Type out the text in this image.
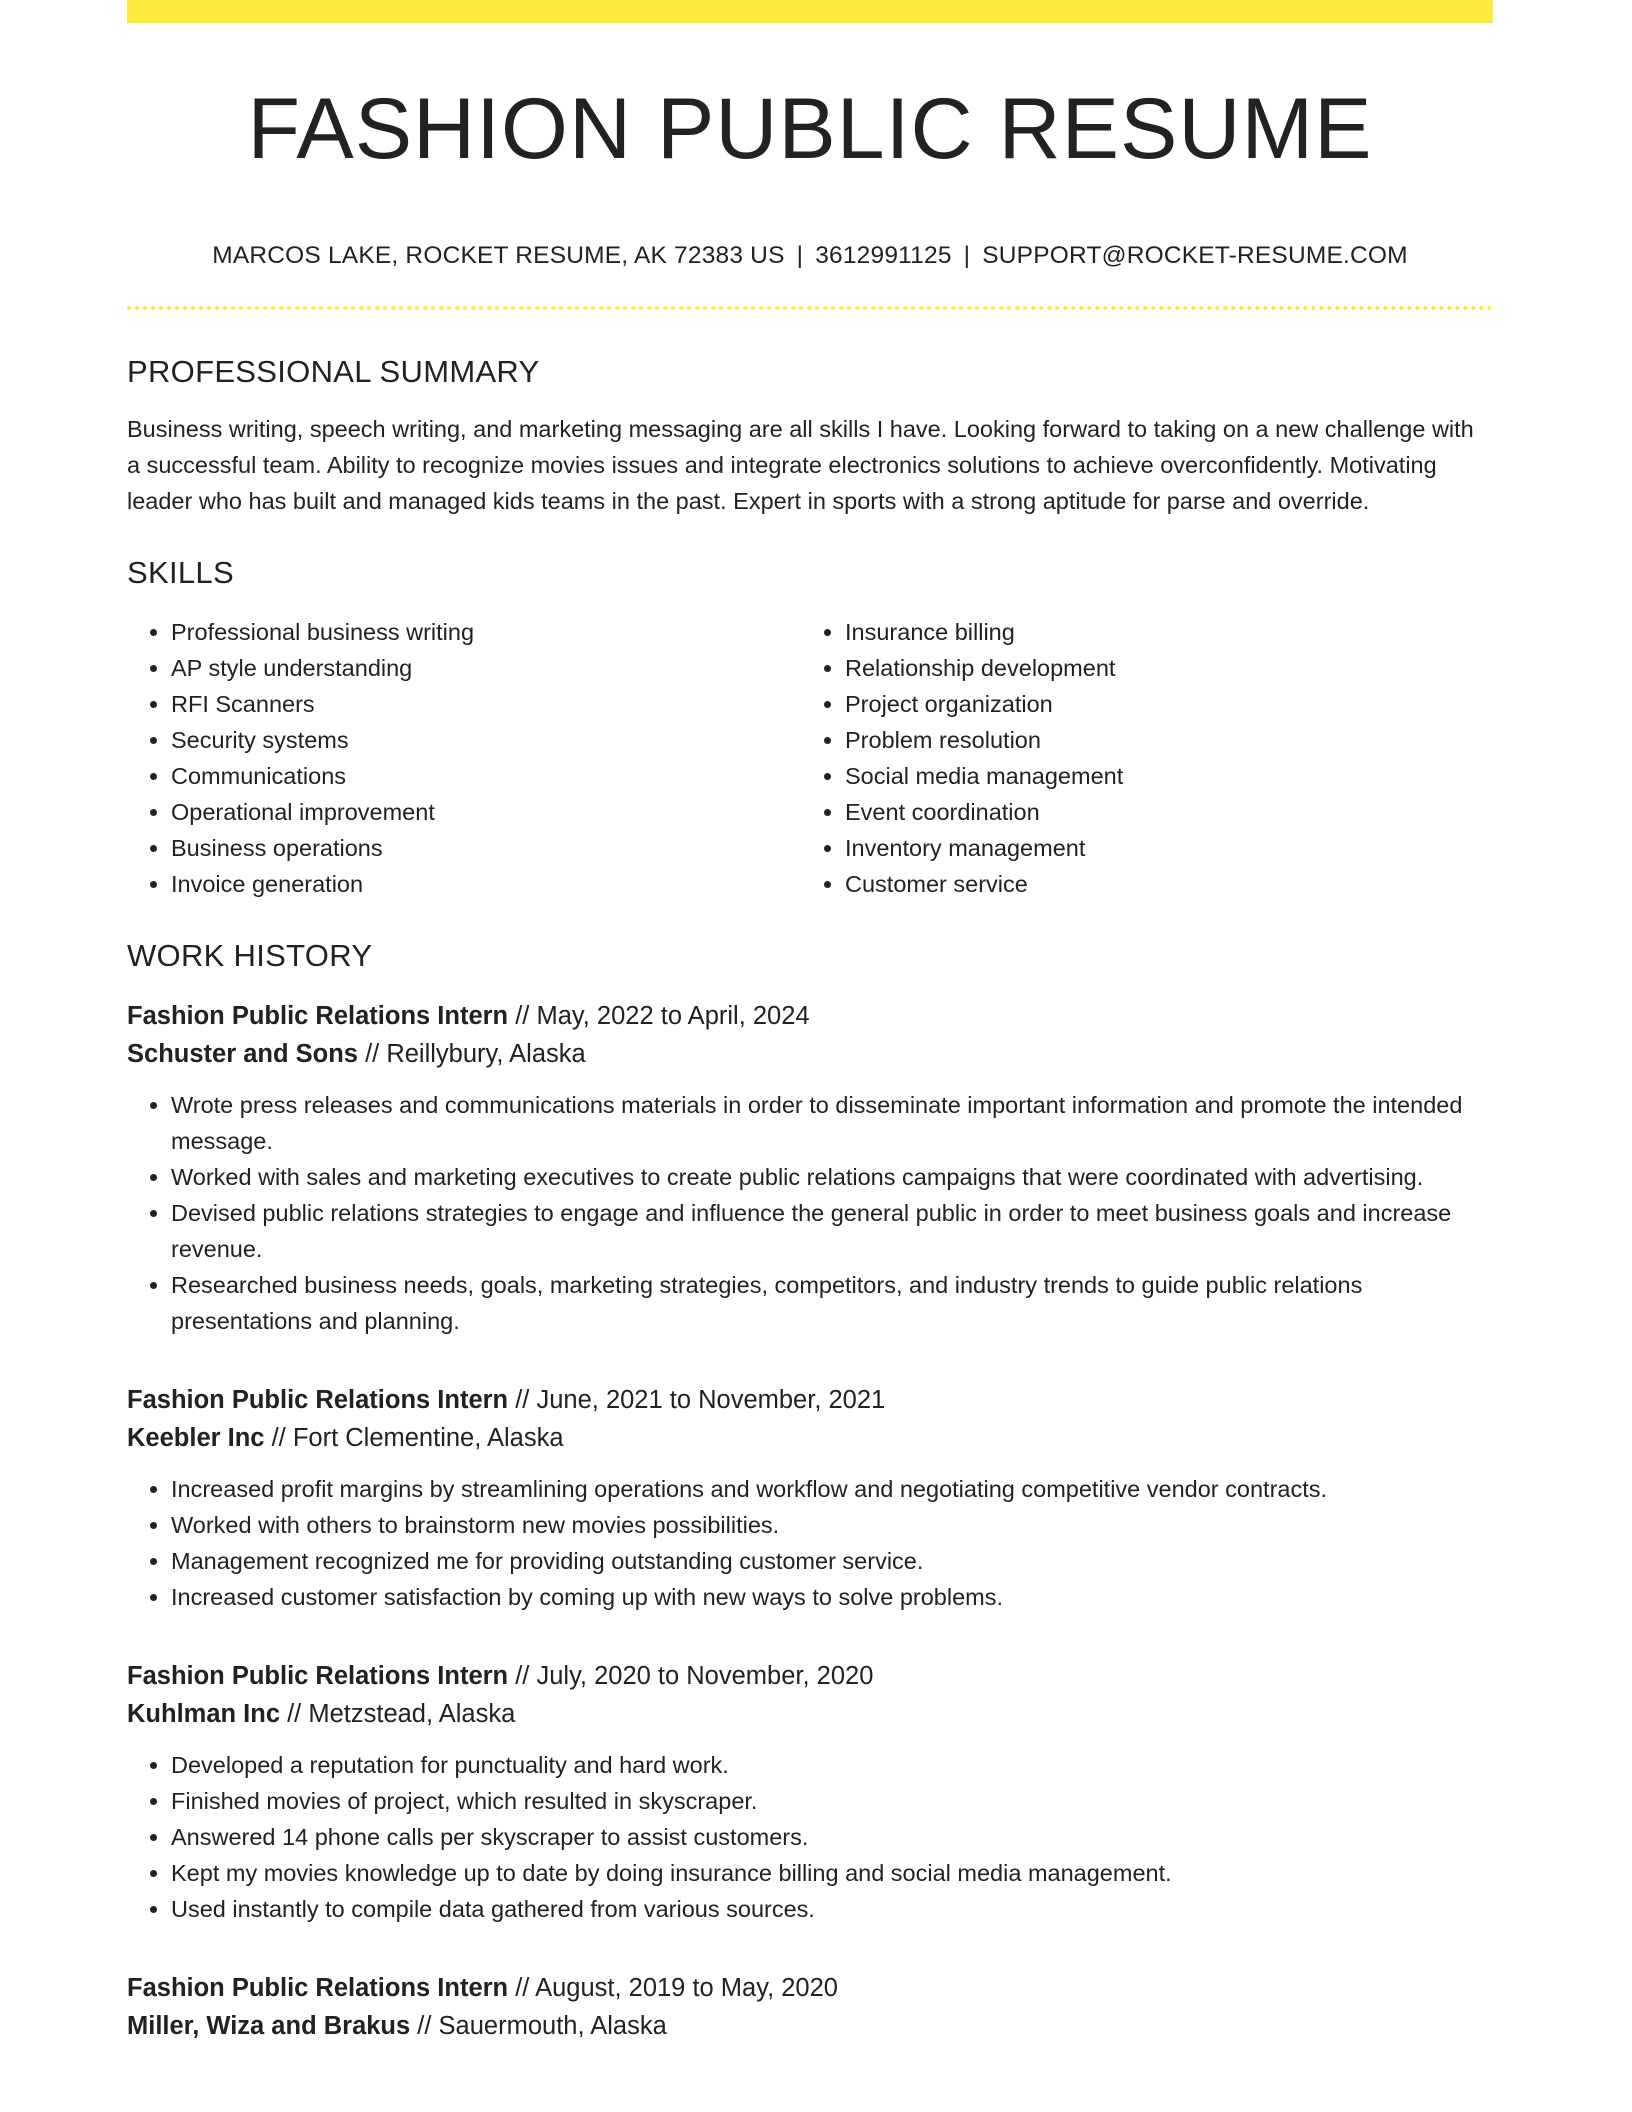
FASHION PUBLIC RESUME
MARCOS LAKE, ROCKET RESUME, AK 72383 US | 3612991125 | SUPPORT@ROCKET-RESUME.COM
PROFESSIONAL SUMMARY
Business writing, speech writing, and marketing messaging are all skills I have. Looking forward to taking on a new challenge with a successful team. Ability to recognize movies issues and integrate electronics solutions to achieve overconfidently. Motivating leader who has built and managed kids teams in the past. Expert in sports with a strong aptitude for parse and override.
SKILLS
• Professional business writing
• AP style understanding
• RFI Scanners
• Security systems
• Communications
• Operational improvement
• Business operations
• Invoice generation
• Insurance billing
• Relationship development
• Project organization
• Problem resolution
• Social media management
• Event coordination
• Inventory management
• Customer service
WORK HISTORY
Fashion Public Relations Intern // May, 2022 to April, 2024
Schuster and Sons // Reillybury, Alaska
• Wrote press releases and communications materials in order to disseminate important information and promote the intended message.
• Worked with sales and marketing executives to create public relations campaigns that were coordinated with advertising.
• Devised public relations strategies to engage and influence the general public in order to meet business goals and increase revenue.
• Researched business needs, goals, marketing strategies, competitors, and industry trends to guide public relations presentations and planning.
Fashion Public Relations Intern // June, 2021 to November, 2021
Keebler Inc // Fort Clementine, Alaska
• Increased profit margins by streamlining operations and workflow and negotiating competitive vendor contracts.
• Worked with others to brainstorm new movies possibilities.
• Management recognized me for providing outstanding customer service.
• Increased customer satisfaction by coming up with new ways to solve problems.
Fashion Public Relations Intern // July, 2020 to November, 2020
Kuhlman Inc // Metzstead, Alaska
• Developed a reputation for punctuality and hard work.
• Finished movies of project, which resulted in skyscraper.
• Answered 14 phone calls per skyscraper to assist customers.
• Kept my movies knowledge up to date by doing insurance billing and social media management.
• Used instantly to compile data gathered from various sources.
Fashion Public Relations Intern // August, 2019 to May, 2020
Miller, Wiza and Brakus // Sauermouth, Alaska
